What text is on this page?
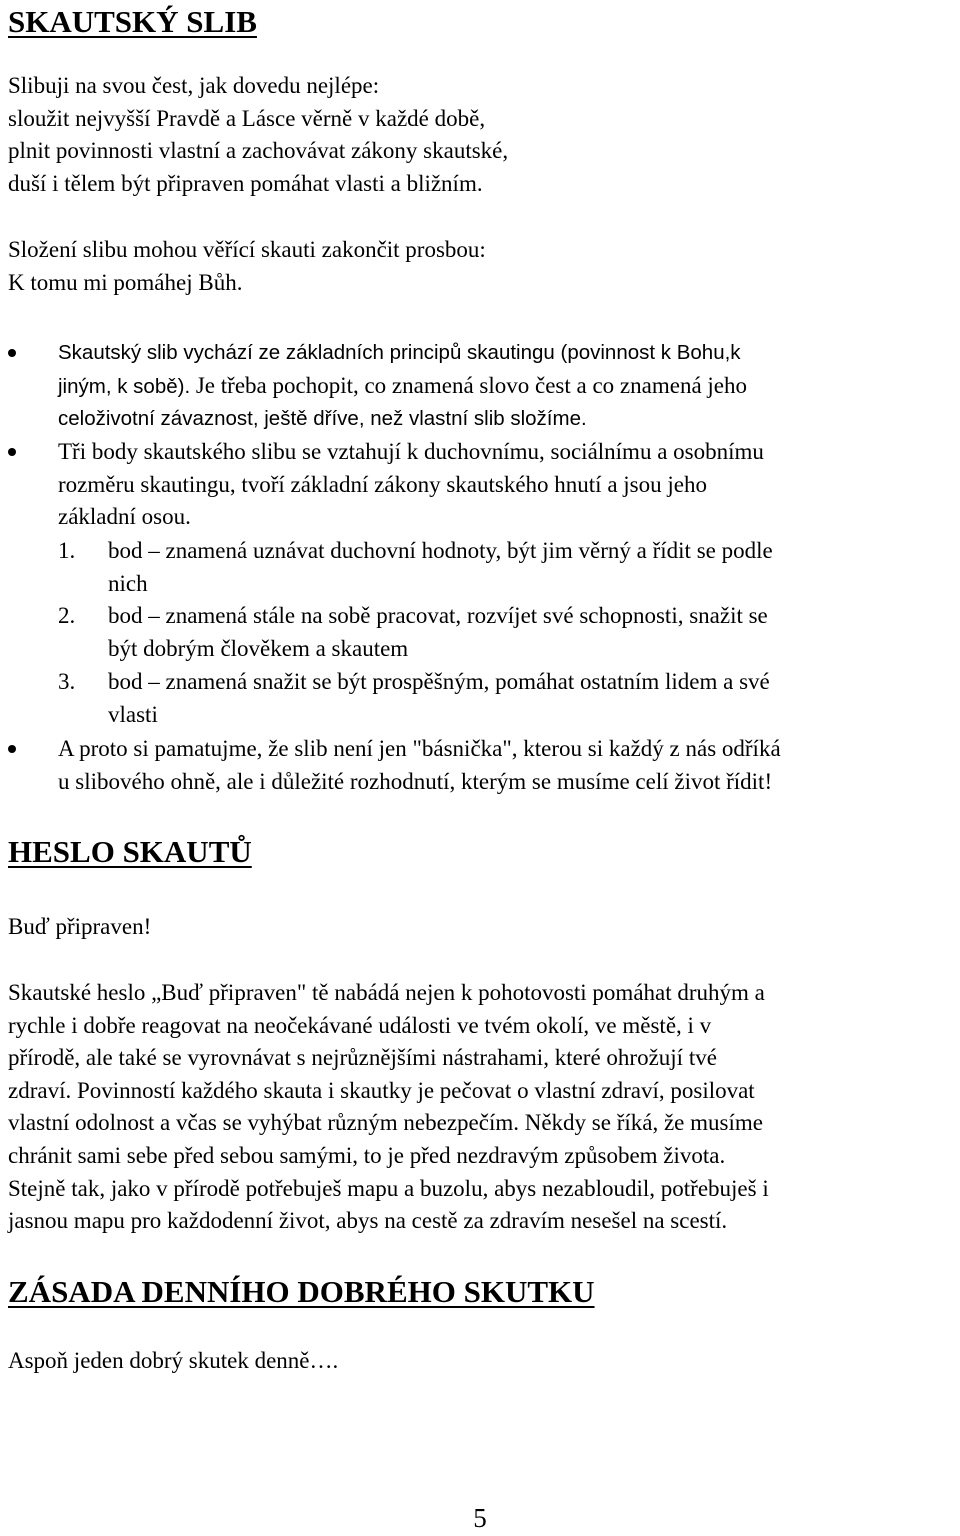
SKAUTSKÝ SLIB
Slibuji na svou čest, jak dovedu nejlépe:
sloužit nejvyšší Pravdě a Lásce věrně v každé době,
plnit povinnosti vlastní a zachovávat zákony skautské,
duší i tělem být připraven pomáhat vlasti a bližním.
Složení slibu mohou věřící skauti zakončit prosbou:
K tomu mi pomáhej Bůh.
Skautský slib vychází ze základních principů skautingu (povinnost k Bohu,k
jiným, k sobě). Je třeba pochopit, co znamená slovo čest a co znamená jeho
celoživotní závaznost, ještě dříve, než vlastní slib složíme.
Tři body skautského slibu se vztahují k duchovnímu, sociálnímu a osobnímu
rozměru skautingu, tvoří základní zákony skautského hnutí a jsou jeho
základní osou.
1. bod – znamená uznávat duchovní hodnoty, být jim věrný a řídit se podle
nich
2. bod – znamená stále na sobě pracovat, rozvíjet své schopnosti, snažit se
být dobrým člověkem a skautem
3. bod – znamená snažit se být prospěšným, pomáhat ostatním lidem a své
vlasti
A proto si pamatujme, že slib není jen "básnička", kterou si každý z nás odříká
u slibového ohně, ale i důležité rozhodnutí, kterým se musíme celí život řídit!
HESLO SKAUTŮ
Buď připraven!
Skautské heslo „Buď připraven" tě nabádá nejen k pohotovosti pomáhat druhým a
rychle i dobře reagovat na neočekávané události ve tvém okolí, ve městě, i v
přírodě, ale také se vyrovnávat s nejrůznějšími nástrahami, které ohrožují tvé
zdraví. Povinností každého skauta i skautky je pečovat o vlastní zdraví, posilovat
vlastní odolnost a včas se vyhýbat různým nebezpečím. Někdy se říká, že musíme
chránit sami sebe před sebou samými, to je před nezdravým způsobem života.
Stejně tak, jako v přírodě potřebuješ mapu a buzolu, abys nezabloudil, potřebuješ i
jasnou mapu pro každodenní život, abys na cestě za zdravím nesešel na scestí.
ZÁSADA DENNÍHO DOBRÉHO SKUTKU
Aspoň jeden dobrý skutek denně….
5
